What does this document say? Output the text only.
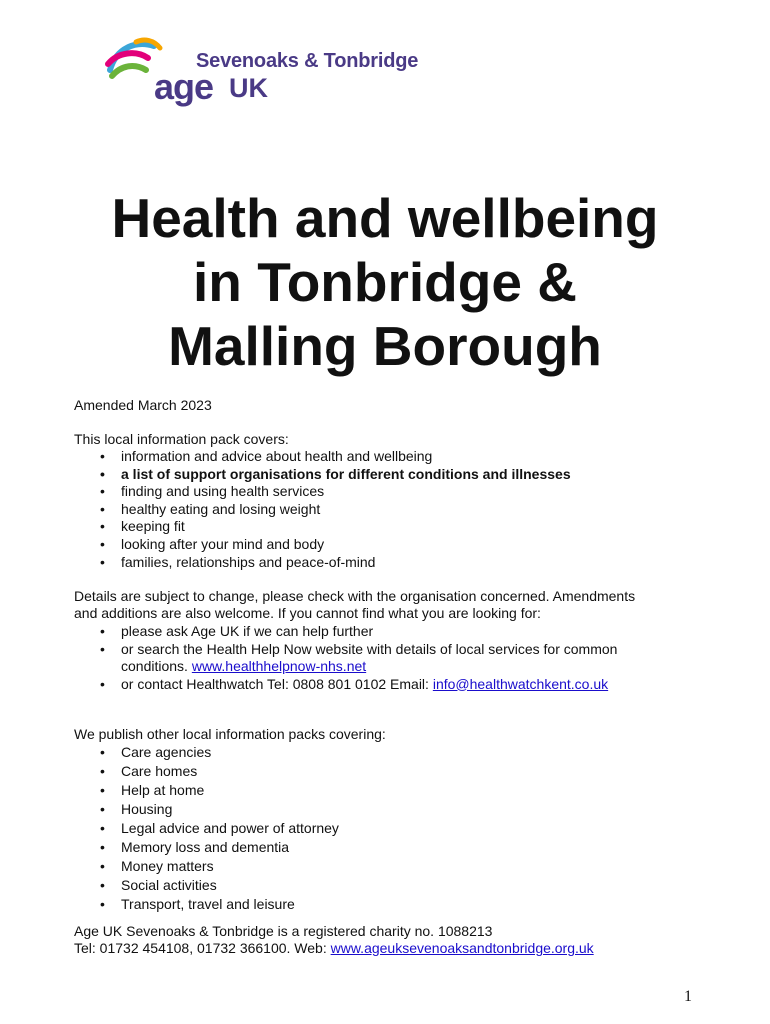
Sevenoaks & Tonbridge
age UK
Health and wellbeing
in Tonbridge &
Malling Borough

Amended March 2023

This local information pack covers:

• information and advice about health and wellbeing
• a list of support organisations for different conditions and illnesses
• finding and using health services
• healthy eating and losing weight
• keeping fit
• looking after your mind and body
• families, relationships and peace-of-mind

Details are subject to change, please check with the organisation concerned. Amendments

and additions are also welcome. If you cannot find what you are looking for:

• please ask Age UK if we can help further
• or search the Health Help Now website with details of local services for common
conditions. www.healthhelpnow-nhs.net
• or contact Healthwatch Tel: 0808 801 0102 Email: info@healthwatchkent.co.uk

We publish other local information packs covering:

• Care agencies
• Care homes
• Help at home
• Housing
• Legal advice and power of attorney
• Memory loss and dementia
• Money matters
• Social activities
• Transport, travel and leisure

Age UK Sevenoaks & Tonbridge is a registered charity no. 1088213

Tel: 01732 454108, 01732 366100. Web: www.ageuksevenoaksandtonbridge.org.uk

1
